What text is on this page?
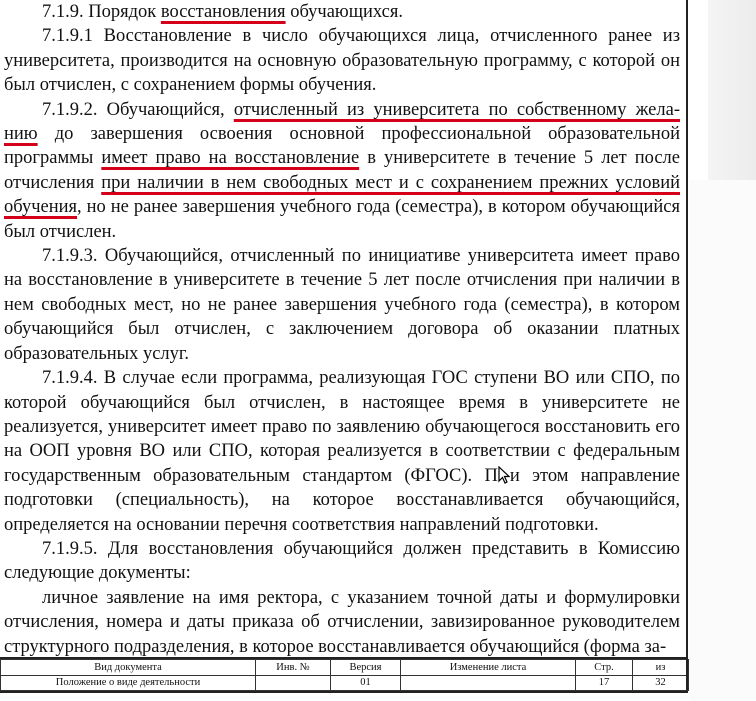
7.1.9. Порядок восстановления обучающихся.

7.1.9.1 Восстановление в число обучающихся лица, отчисленного ранее из университета, производится на основную образовательную программу, с которой он был отчислен, с сохранением формы обучения.

7.1.9.2. Обучающийся, отчисленный из университета по собственному жела-нию до завершения освоения основной профессиональной образовательной программы имеет право на восстановление в университете в течение 5 лет после отчисления при наличии в нем свободных мест и с сохранением прежних условий обучения, но не ранее завершения учебного года (семестра), в котором обучающийся был отчислен.

7.1.9.3. Обучающийся, отчисленный по инициативе университета имеет право на восстановление в университете в течение 5 лет после отчисления при наличии в нем свободных мест, но не ранее завершения учебного года (семестра), в котором обучающийся был отчислен, с заключением договора об оказании платных образовательных услуг.

7.1.9.4. В случае если программа, реализующая ГОС ступени ВО или СПО, по которой обучающийся был отчислен, в настоящее время в университете не реализуется, университет имеет право по заявлению обучающегося восстановить его на ООП уровня ВО или СПО, которая реализуется в соответствии с федеральным государственным образовательным стандартом (ФГОС). П и этом направление подготовки (специальность), на которое восстанавливается обучающийся, определяется на основании перечня соответствия направлений подготовки.

7.1.9.5. Для восстановления обучающийся должен представить в Комиссию следующие документы:

личное заявление на имя ректора, с указанием точной даты и формулировки отчисления, номера и даты приказа об отчислении, завизированное руководителем структурного подразделения, в которое восстанавливается обучающийся (форма за-

Вид документа	Инв. №	Версия	Изменение листа	Стр.	из
Положение о виде деятельности		01		17	32
